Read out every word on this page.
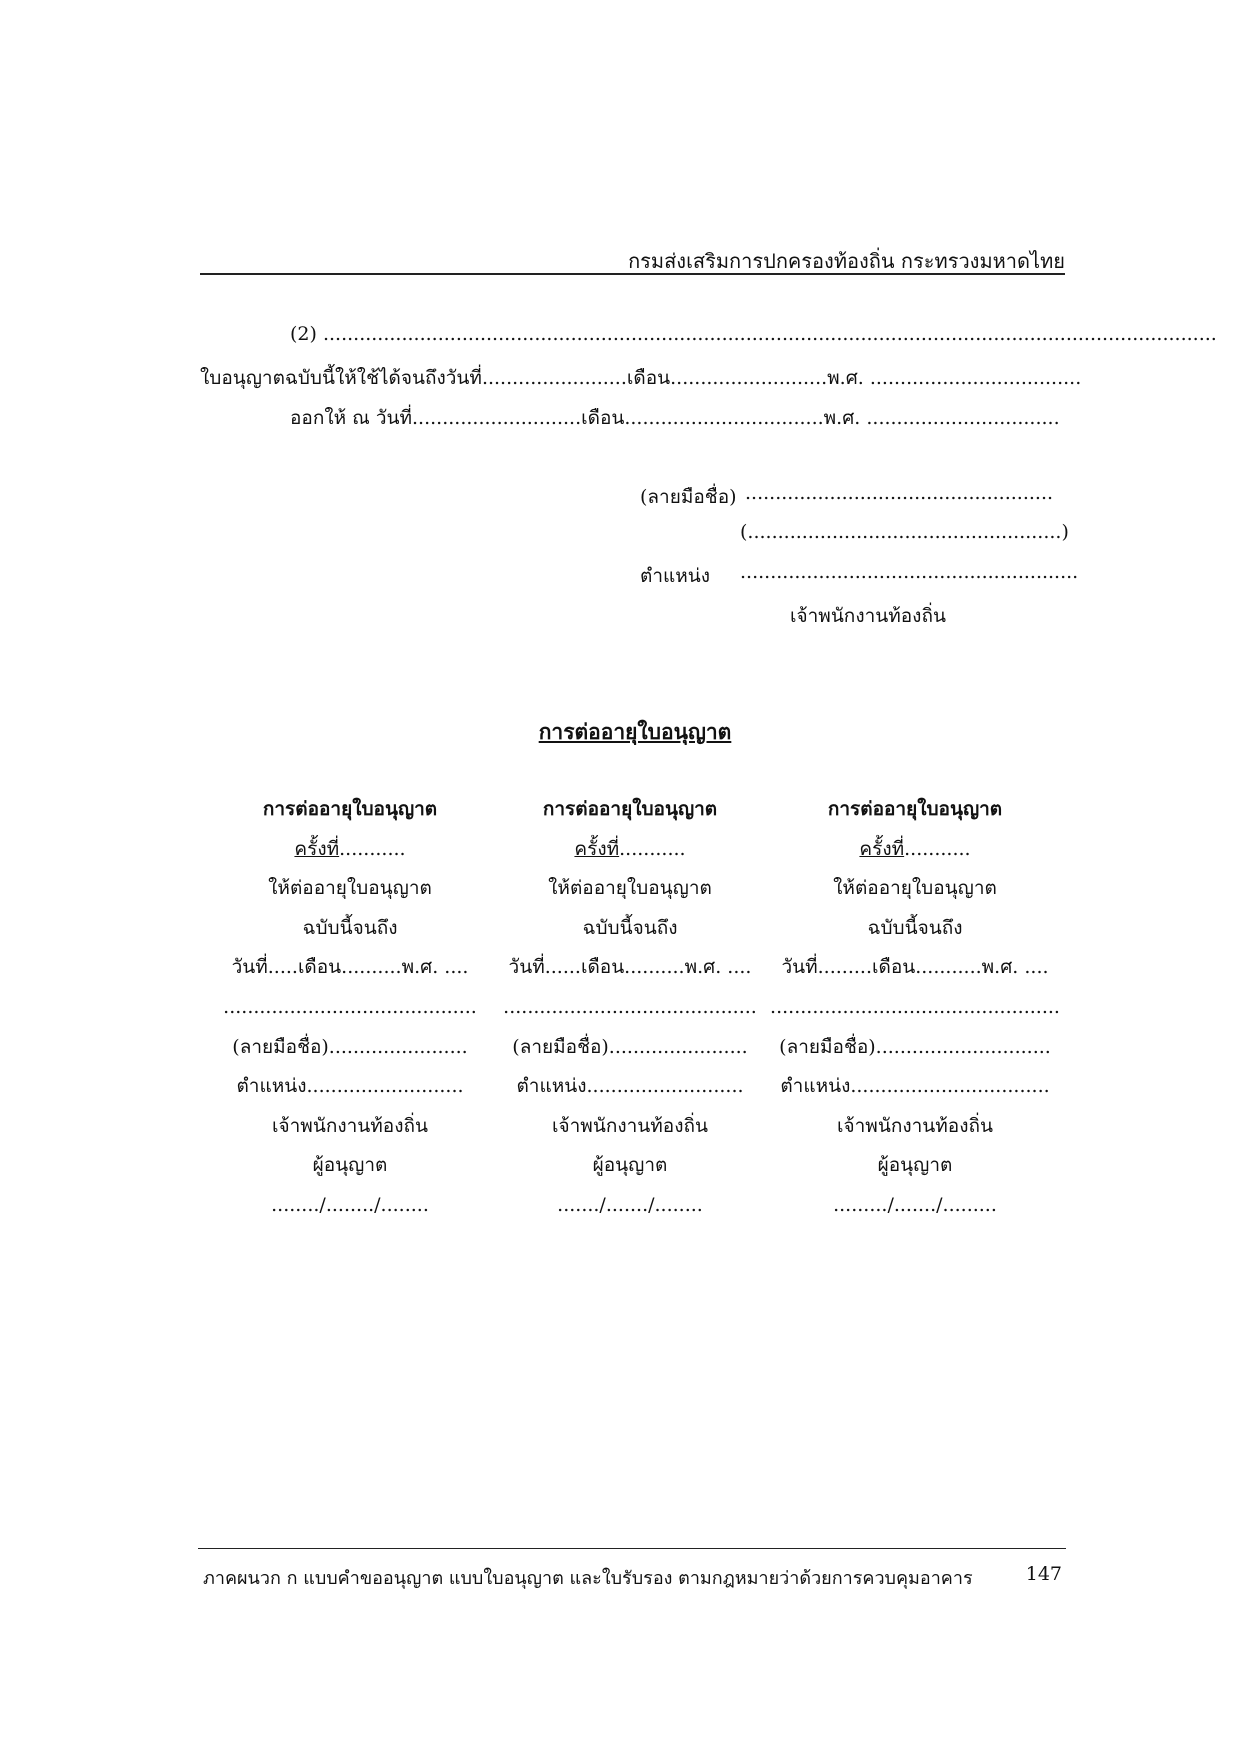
กรมส่งเสริมการปกครองท้องถิ่น กระทรวงมหาดไทย
(2) ....................................................................................................................................................
ใบอนุญาตฉบับนี้ให้ใช้ได้จนถึงวันที่........................เดือน..........................พ.ศ. ...................................
ออกให้ ณ วันที่............................เดือน.................................พ.ศ. ................................
(ลายมือชื่อ) ...................................................
(....................................................)
ตำแหน่ง ........................................................
เจ้าพนักงานท้องถิ่น
การต่ออายุใบอนุญาต
การต่ออายุใบอนุญาต
ครั้งที่...........
ให้ต่ออายุใบอนุญาต
ฉบับนี้จนถึง
วันที่.....เดือน..........พ.ศ. ....
..........................................
(ลายมือชื่อ).......................
ตำแหน่ง..........................
เจ้าพนักงานท้องถิ่น
ผู้อนุญาต
......../......../........
การต่ออายุใบอนุญาต
ครั้งที่...........
ให้ต่ออายุใบอนุญาต
ฉบับนี้จนถึง
วันที่......เดือน..........พ.ศ. ....
..........................................
(ลายมือชื่อ).......................
ตำแหน่ง..........................
เจ้าพนักงานท้องถิ่น
ผู้อนุญาต
......./......./........
การต่ออายุใบอนุญาต
ครั้งที่...........
ให้ต่ออายุใบอนุญาต
ฉบับนี้จนถึง
วันที่.........เดือน...........พ.ศ. ....
................................................
(ลายมือชื่อ).............................
ตำแหน่ง.................................
เจ้าพนักงานท้องถิ่น
ผู้อนุญาต
........./......./.........
ภาคผนวก ก แบบคำขออนุญาต แบบใบอนุญาต และใบรับรอง ตามกฎหมายว่าด้วยการควบคุมอาคาร	147
